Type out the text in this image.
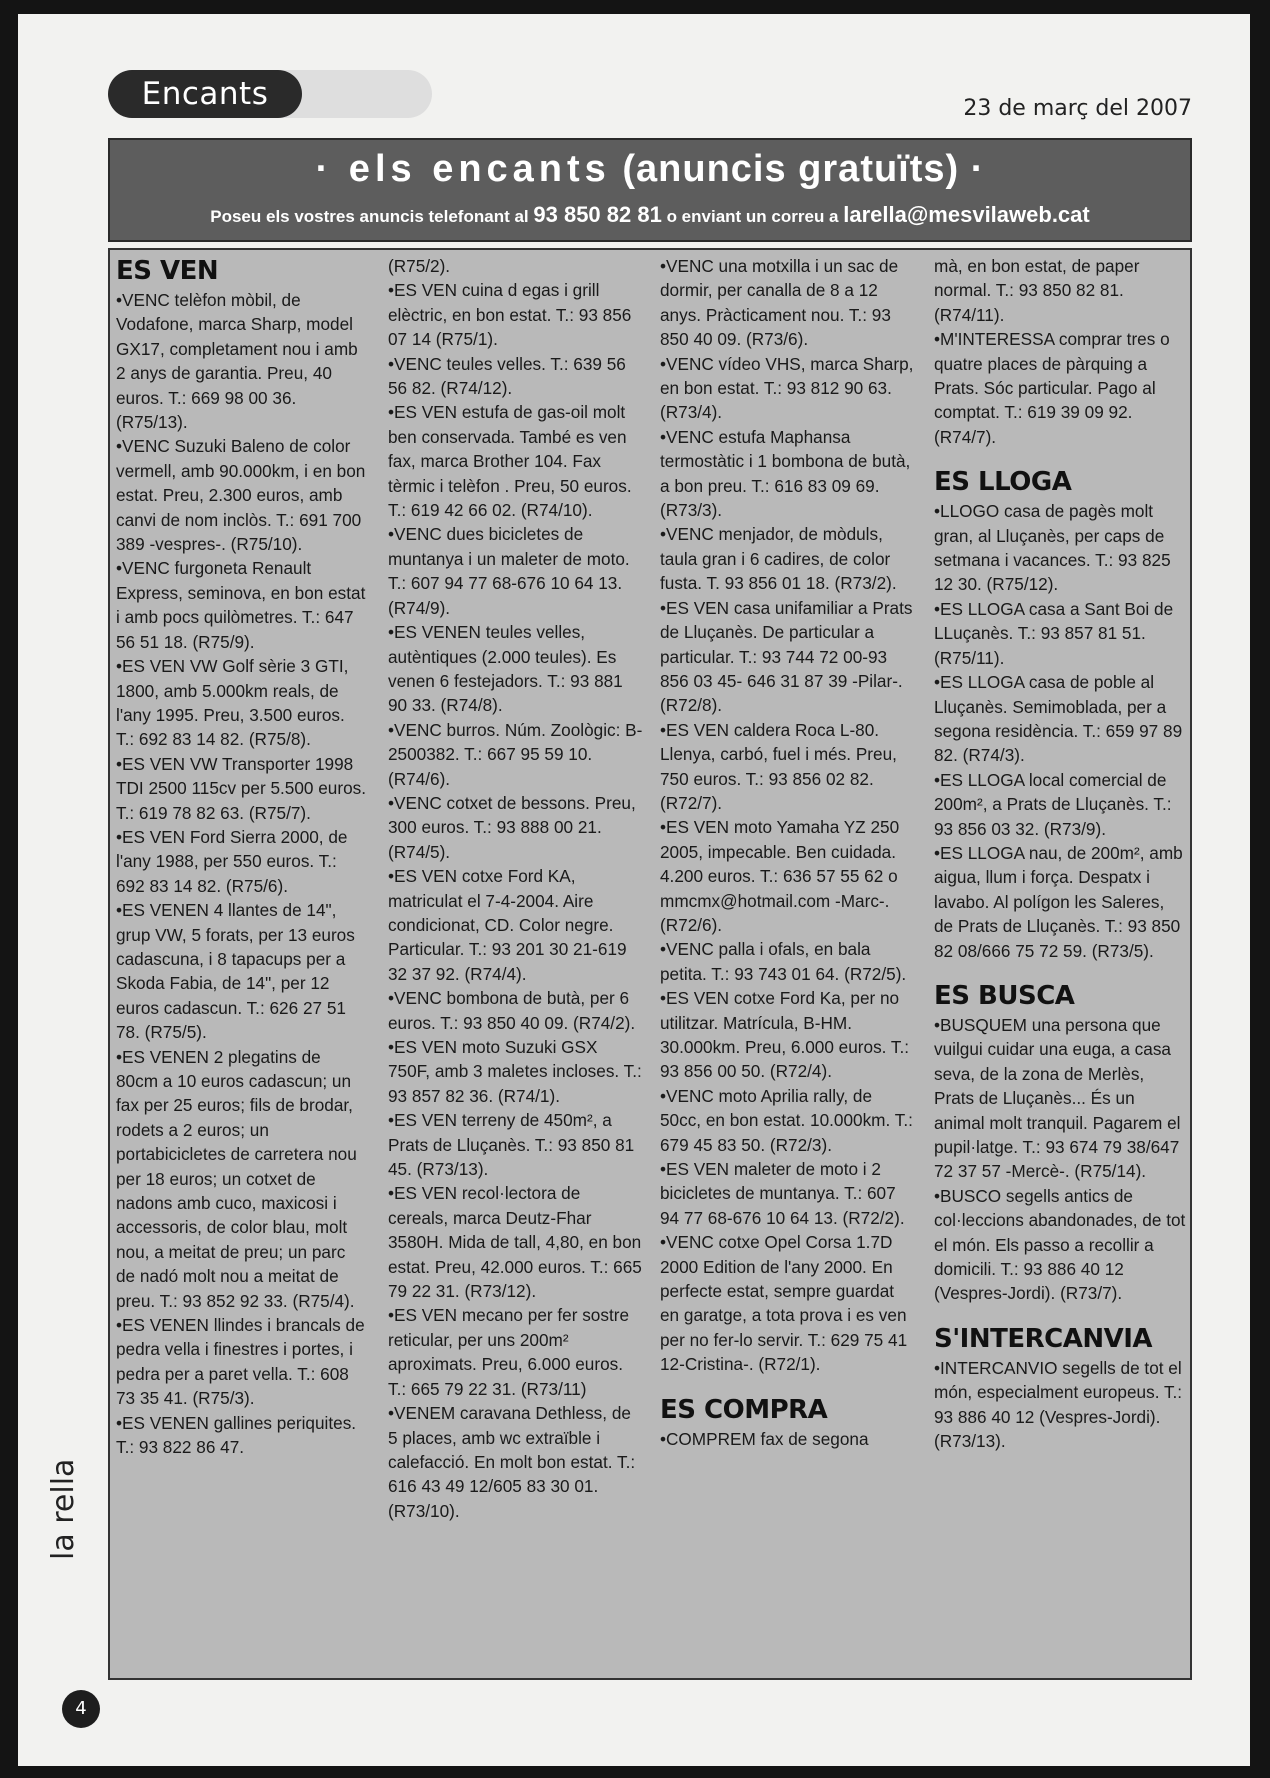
Encants	23 de març del 2007
· els encants (anuncis gratuïts) ·
Poseu els vostres anuncis telefonant al 93 850 82 81 o enviant un correu a larella@mesvilaweb.cat
ES VEN

•VENC telèfon mòbil, de Vodafone, marca Sharp, model GX17, completament nou i amb 2 anys de garantia. Preu, 40 euros. T.: 669 98 00 36. (R75/13).

•VENC Suzuki Baleno de color vermell, amb 90.000km, i en bon estat. Preu, 2.300 euros, amb canvi de nom inclòs. T.: 691 700 389 -vespres-. (R75/10).

•VENC furgoneta Renault Express, seminova, en bon estat i amb pocs quilòmetres. T.: 647 56 51 18. (R75/9).

•ES VEN VW Golf sèrie 3 GTI, 1800, amb 5.000km reals, de l'any 1995. Preu, 3.500 euros. T.: 692 83 14 82. (R75/8).

•ES VEN VW Transporter 1998 TDI 2500 115cv per 5.500 euros. T.: 619 78 82 63. (R75/7).

•ES VEN Ford Sierra 2000, de l'any 1988, per 550 euros. T.: 692 83 14 82. (R75/6).

•ES VENEN 4 llantes de 14", grup VW, 5 forats, per 13 euros cadascuna, i 8 tapacups per a Skoda Fabia, de 14", per 12 euros cadascun. T.: 626 27 51 78. (R75/5).

•ES VENEN 2 plegatins de 80cm a 10 euros cadascun; un fax per 25 euros; fils de brodar, rodets a 2 euros; un portabicicletes de carretera nou per 18 euros; un cotxet de nadons amb cuco, maxicosi i accessoris, de color blau, molt nou, a meitat de preu; un parc de nadó molt nou a meitat de preu. T.: 93 852 92 33. (R75/4).

•ES VENEN llindes i brancals de pedra vella i finestres i portes, i pedra per a paret vella. T.: 608 73 35 41. (R75/3).

•ES VENEN gallines periquites. T.: 93 822 86 47.

(R75/2).

•ES VEN cuina d egas i grill elèctric, en bon estat. T.: 93 856 07 14 (R75/1).

•VENC teules velles. T.: 639 56 56 82. (R74/12).

•ES VEN estufa de gas-oil molt ben conservada. També es ven fax, marca Brother 104. Fax tèrmic i telèfon . Preu, 50 euros. T.: 619 42 66 02. (R74/10).

•VENC dues bicicletes de muntanya i un maleter de moto. T.: 607 94 77 68-676 10 64 13. (R74/9).

•ES VENEN teules velles, autèntiques (2.000 teules). Es venen 6 festejadors. T.: 93 881 90 33. (R74/8).

•VENC burros. Núm. Zoològic: B-2500382. T.: 667 95 59 10. (R74/6).

•VENC cotxet de bessons. Preu, 300 euros. T.: 93 888 00 21. (R74/5).

•ES VEN cotxe Ford KA, matriculat el 7-4-2004. Aire condicionat, CD. Color negre. Particular. T.: 93 201 30 21-619 32 37 92. (R74/4).

•VENC bombona de butà, per 6 euros. T.: 93 850 40 09. (R74/2).

•ES VEN moto Suzuki GSX 750F, amb 3 maletes incloses. T.: 93 857 82 36. (R74/1).

•ES VEN terreny de 450m², a Prats de Lluçanès. T.: 93 850 81 45. (R73/13).

•ES VEN recol·lectora de cereals, marca Deutz-Fhar 3580H. Mida de tall, 4,80, en bon estat. Preu, 42.000 euros. T.: 665 79 22 31. (R73/12).

•ES VEN mecano per fer sostre reticular, per uns 200m² aproximats. Preu, 6.000 euros. T.: 665 79 22 31. (R73/11)

•VENEM caravana Dethless, de 5 places, amb wc extraïble i calefacció. En molt bon estat. T.: 616 43 49 12/605 83 30 01. (R73/10).

•VENC una motxilla i un sac de dormir, per canalla de 8 a 12 anys. Pràcticament nou. T.: 93 850 40 09. (R73/6).

•VENC vídeo VHS, marca Sharp, en bon estat. T.: 93 812 90 63. (R73/4).

•VENC estufa Maphansa termostàtic i 1 bombona de butà, a bon preu. T.: 616 83 09 69. (R73/3).

•VENC menjador, de mòduls, taula gran i 6 cadires, de color fusta. T. 93 856 01 18. (R73/2).

•ES VEN casa unifamiliar a Prats de Lluçanès. De particular a particular. T.: 93 744 72 00-93 856 03 45- 646 31 87 39 -Pilar-. (R72/8).

•ES VEN caldera Roca L-80. Llenya, carbó, fuel i més. Preu, 750 euros. T.: 93 856 02 82. (R72/7).

•ES VEN moto Yamaha YZ 250 2005, impecable. Ben cuidada. 4.200 euros. T.: 636 57 55 62 o mmcmx@hotmail.com -Marc-. (R72/6).

•VENC palla i ofals, en bala petita. T.: 93 743 01 64. (R72/5).

•ES VEN cotxe Ford Ka, per no utilitzar. Matrícula, B-HM. 30.000km. Preu, 6.000 euros. T.: 93 856 00 50. (R72/4).

•VENC moto Aprilia rally, de 50cc, en bon estat. 10.000km. T.: 679 45 83 50. (R72/3).

•ES VEN maleter de moto i 2 bicicletes de muntanya. T.: 607 94 77 68-676 10 64 13. (R72/2).

•VENC cotxe Opel Corsa 1.7D 2000 Edition de l'any 2000. En perfecte estat, sempre guardat en garatge, a tota prova i es ven per no fer-lo servir. T.: 629 75 41 12-Cristina-. (R72/1).

ES COMPRA

•COMPREM fax de segona

mà, en bon estat, de paper normal. T.: 93 850 82 81. (R74/11).

•M'INTERESSA comprar tres o quatre places de pàrquing a Prats. Sóc particular. Pago al comptat. T.: 619 39 09 92. (R74/7).

ES LLOGA

•LLOGO casa de pagès molt gran, al Lluçanès, per caps de setmana i vacances. T.: 93 825 12 30. (R75/12).

•ES LLOGA casa a Sant Boi de LLuçanès. T.: 93 857 81 51. (R75/11).

•ES LLOGA casa de poble al Lluçanès. Semimoblada, per a segona residència. T.: 659 97 89 82. (R74/3).

•ES LLOGA local comercial de 200m², a Prats de Lluçanès. T.: 93 856 03 32. (R73/9).

•ES LLOGA nau, de 200m², amb aigua, llum i força. Despatx i lavabo. Al polígon les Saleres, de Prats de Lluçanès. T.: 93 850 82 08/666 75 72 59. (R73/5).

ES BUSCA

•BUSQUEM una persona que vuilgui cuidar una euga, a casa seva, de la zona de Merlès, Prats de Lluçanès... És un animal molt tranquil. Pagarem el pupil·latge. T.: 93 674 79 38/647 72 37 57 -Mercè-. (R75/14).

•BUSCO segells antics de col·leccions abandonades, de tot el món. Els passo a recollir a domicili. T.: 93 886 40 12 (Vespres-Jordi). (R73/7).

S'INTERCANVIA

•INTERCANVIO segells de tot el món, especialment europeus. T.: 93 886 40 12 (Vespres-Jordi). (R73/13).

la rella
4
